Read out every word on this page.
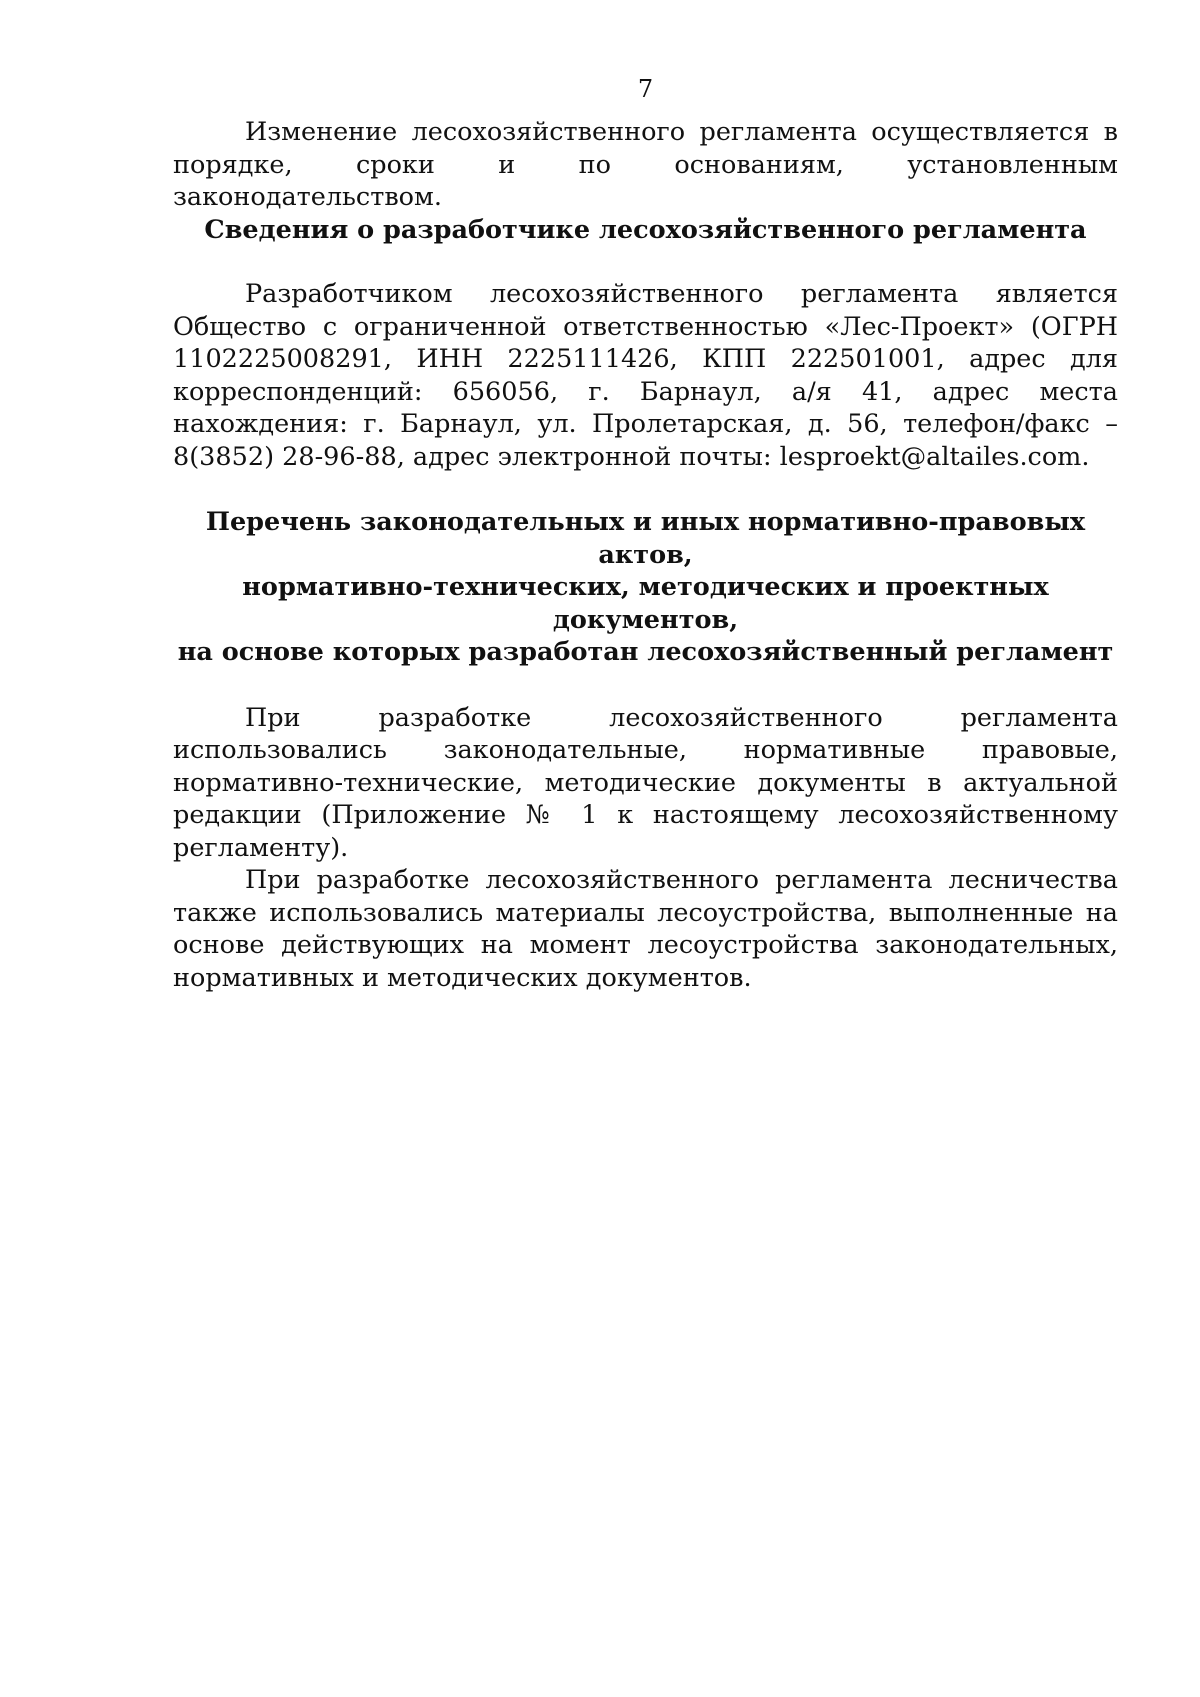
7

Изменение лесохозяйственного регламента осуществляется в порядке, сроки и по основаниям, установленным законодательством.

Сведения о разработчике лесохозяйственного регламента

Разработчиком лесохозяйственного регламента является Общество с ограниченной ответственностью «Лес-Проект» (ОГРН 1102225008291, ИНН 2225111426, КПП 222501001, адрес для корреспонденций: 656056, г. Барнаул, а/я 41, адрес места нахождения: г. Барнаул, ул. Пролетарская, д. 56, телефон/факс – 8(3852) 28-96-88, адрес электронной почты: lesproekt@altailes.com.

Перечень законодательных и иных нормативно-правовых актов,
нормативно-технических, методических и проектных документов,
на основе которых разработан лесохозяйственный регламент

При разработке лесохозяйственного регламента использовались законодательные, нормативные правовые, нормативно-технические, методические документы в актуальной редакции (Приложение № 1 к настоящему лесохозяйственному регламенту).

При разработке лесохозяйственного регламента лесничества также использовались материалы лесоустройства, выполненные на основе действующих на момент лесоустройства законодательных, нормативных и методических документов.
